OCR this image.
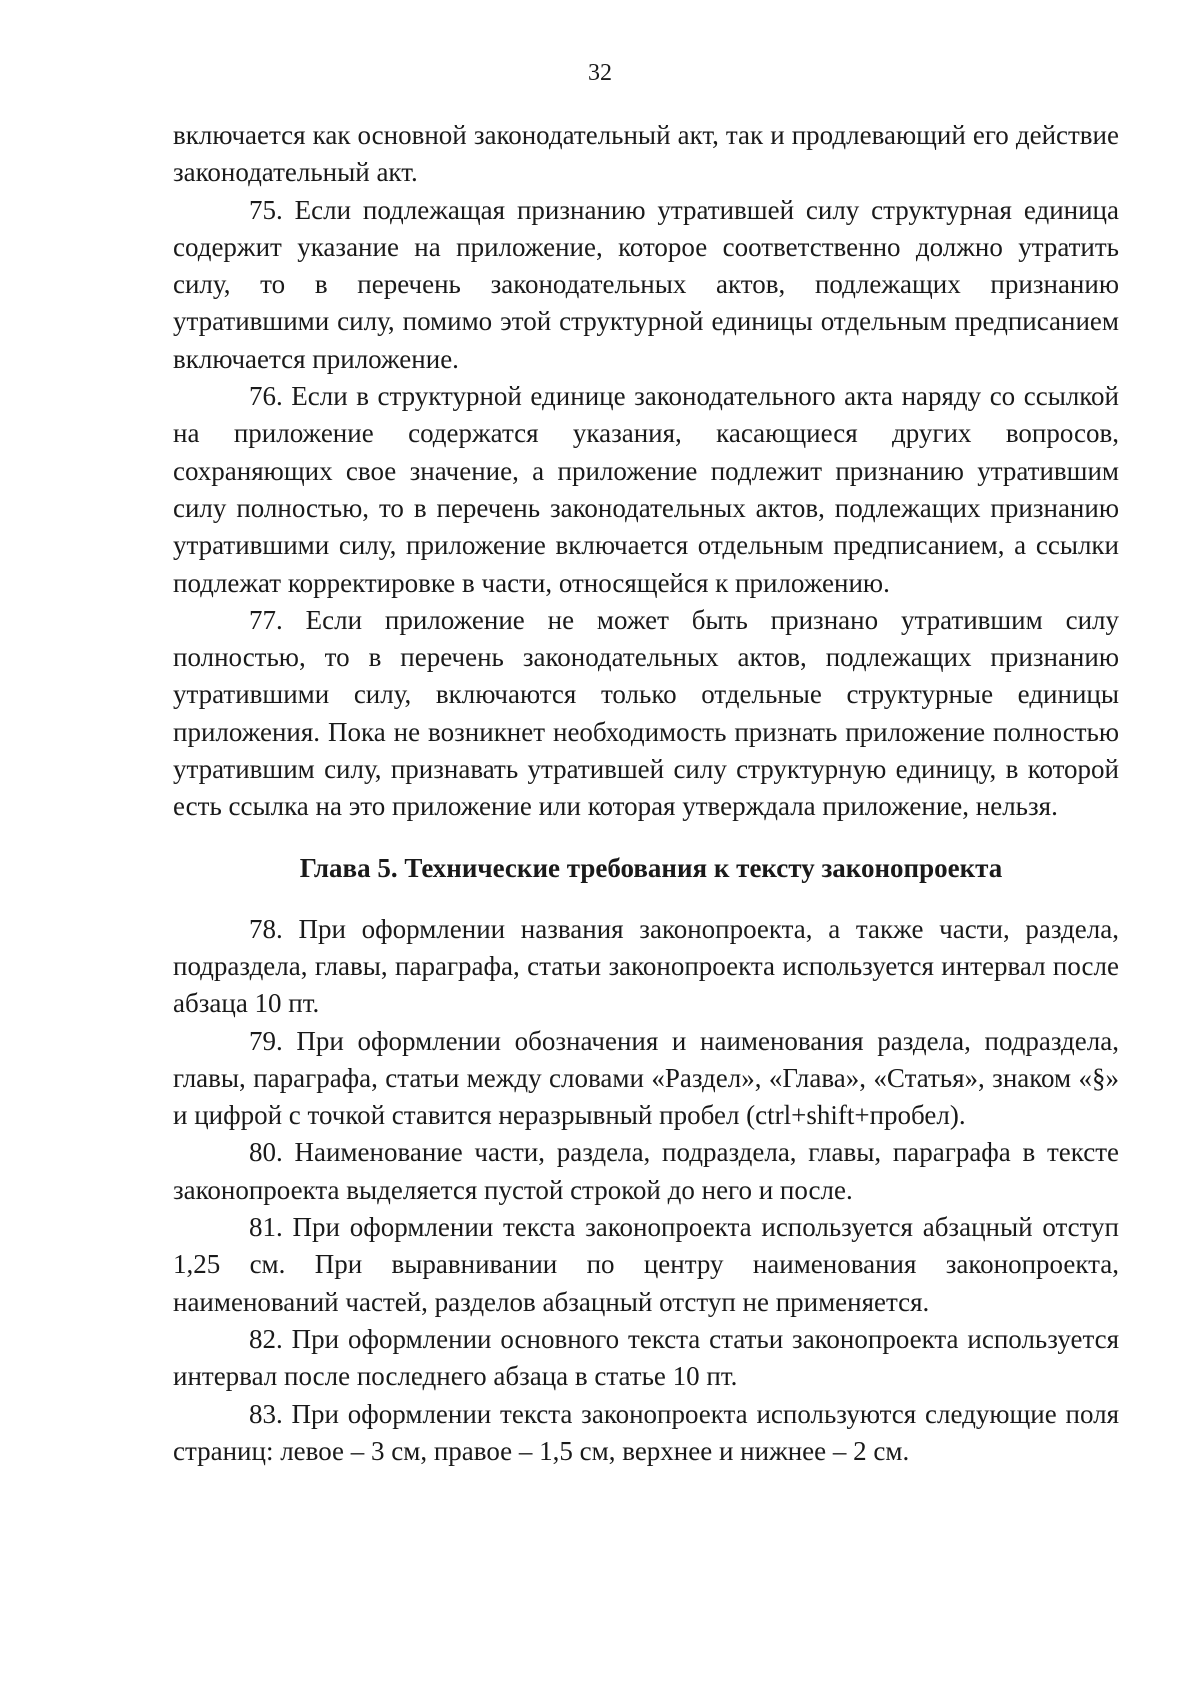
32

включается как основной законодательный акт, так и продлевающий его действие законодательный акт.

75. Если подлежащая признанию утратившей силу структурная единица содержит указание на приложение, которое соответственно должно утратить силу, то в перечень законодательных актов, подлежащих признанию утратившими силу, помимо этой структурной единицы отдельным предписанием включается приложение.

76. Если в структурной единице законодательного акта наряду со ссылкой на приложение содержатся указания, касающиеся других вопросов, сохраняющих свое значение, а приложение подлежит признанию утратившим силу полностью, то в перечень законодательных актов, подлежащих признанию утратившими силу, приложение включается отдельным предписанием, а ссылки подлежат корректировке в части, относящейся к приложению.

77. Если приложение не может быть признано утратившим силу полностью, то в перечень законодательных актов, подлежащих признанию утратившими силу, включаются только отдельные структурные единицы приложения. Пока не возникнет необходимость признать приложение полностью утратившим силу, признавать утратившей силу структурную единицу, в которой есть ссылка на это приложение или которая утверждала приложение, нельзя.

Глава 5. Технические требования к тексту законопроекта

78. При оформлении названия законопроекта, а также части, раздела, подраздела, главы, параграфа, статьи законопроекта используется интервал после абзаца 10 пт.

79. При оформлении обозначения и наименования раздела, подраздела, главы, параграфа, статьи между словами «Раздел», «Глава», «Статья», знаком «§» и цифрой с точкой ставится неразрывный пробел (ctrl+shift+пробел).

80. Наименование части, раздела, подраздела, главы, параграфа в тексте законопроекта выделяется пустой строкой до него и после.

81. При оформлении текста законопроекта используется абзацный отступ 1,25 см. При выравнивании по центру наименования законопроекта, наименований частей, разделов абзацный отступ не применяется.

82. При оформлении основного текста статьи законопроекта используется интервал после последнего абзаца в статье 10 пт.

83. При оформлении текста законопроекта используются следующие поля страниц: левое – 3 см, правое – 1,5 см, верхнее и нижнее – 2 см.
